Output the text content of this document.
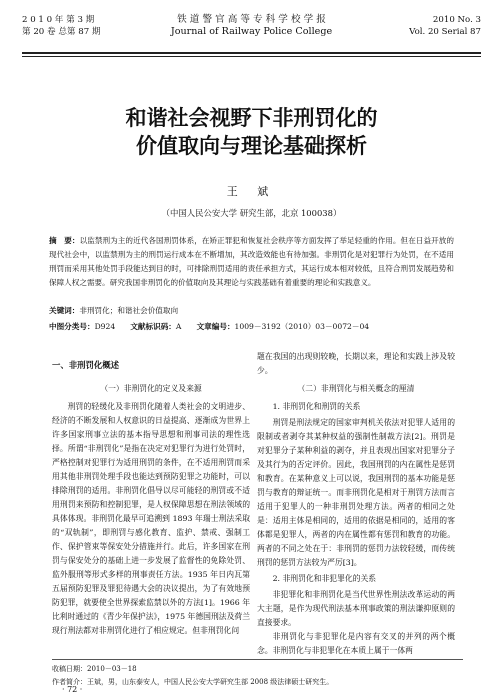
2 0 1 0 年 第 3 期
第 20 卷 总第 87 期
铁 道 警 官 高 等 专 科 学 校 学 报
Journal of Railway Police College
2010 No. 3
Vol. 20 Serial 87
和谐社会视野下非刑罚化的
价值取向与理论基础探析
王 斌
（中国人民公安大学 研究生部，北京 100038）
摘　要：以监禁刑为主的近代各国刑罚体系，在矫正罪犯和恢复社会秩序等方面发挥了举足轻重的作用。但在日益开放的现代社会中，以监禁刑为主的刑罚运行成本在不断增加，其改造效能也有待加强。非刑罚化是对犯罪行为处罚，在不适用刑罚而采用其他处罚手段能达到目的时，可排除刑罚适用的责任承担方式，其运行成本相对较低，且符合刑罚发展趋势和保障人权之需要。研究我国非刑罚化的价值取向及其理论与实践基础有着重要的理论和实践意义。
关键词：非刑罚化；和谐社会价值取向
中图分类号：D924   文献标识码：A   文章编号：1009－3192（2010）03－0072－04

一、非刑罚化概述

（一）非刑罚化的定义及来源

刑罚的轻缓化及非刑罚化随着人类社会的文明进步、经济的不断发展和人权意识的日益提高、逐渐成为世界上许多国家刑事立法的基本指导思想和刑事司法的理性选择。所谓“非刑罚化”是指在决定对犯罪行为进行处罚时，严格控制对犯罪行为适用刑罚的条件，在不适用刑罚而采用其他非刑罚处理手段也能达到预防犯罪之功能时，可以排除刑罚的适用。非刑罚化倡导以尽可能轻的刑罚或不适用刑罚来预防和控制犯罪，是人权保障思想在刑法领域的具体体现。非刑罚化最早可追溯到 1893 年瑞士刑法采取的“双轨制”，即刑罚与感化教育、监护、禁戒、强制工作、保护管束等保安处分措施并行。此后，许多国家在刑罚与保安处分的基础上进一步发展了监督性的免除处罚、监外服刑等形式多样的刑事责任方法。1935 年日内瓦第五届预防犯罪及罪犯待遇大会的决议提出，为了有效地预防犯罪，就要使全世界探索监禁以外的方法[1]。1966 年比利时通过的《青少年保护法》，1975 年德国刑法及荷兰现行刑法都对非刑罚化进行了相应规定。但非刑罚化问

题在我国的出现则较晚，长期以来，理论和实践上涉及较少。

（二）非刑罚化与相关概念的厘清

1. 非刑罚化和刑罚的关系

刑罚是刑法规定的国家审判机关依法对犯罪人适用的限制或者剥夺其某种权益的强制性制裁方法[2]。刑罚是对犯罪分子某种利益的剥夺，并且表现出国家对犯罪分子及其行为的否定评价。因此，我国刑罚的内在属性是惩罚和教育。在某种意义上可以说，我国刑罚的基本功能是惩罚与教育的辩证统一。而非刑罚化是相对于刑罚方法而言适用于犯罪人的一种非刑罚处理方法。两者的相同之处是：适用主体是相同的，适用的依据是相同的，适用的客体都是犯罪人，两者的内在属性都有惩罚和教育的功能。两者的不同之处在于：非刑罚的惩罚力法较轻缓，而传统刑罚的惩罚方法较为严厉[3]。

2. 非刑罚化和非犯罪化的关系

非犯罪化和非刑罚化是当代世界性刑法改革运动的两大主题，是作为现代刑法基本刑事政策的刑法谦抑原则的直接要求。

非刑罚化与非犯罪化是内容有交叉的并列的两个概念。非刑罚化与非犯罪化在本质上属于一体两

收稿日期：2010－03－18
作者简介：王斌，男，山东泰安人，中国人民公安大学研究生部 2008 级法律硕士研究生。
· 72 ·
